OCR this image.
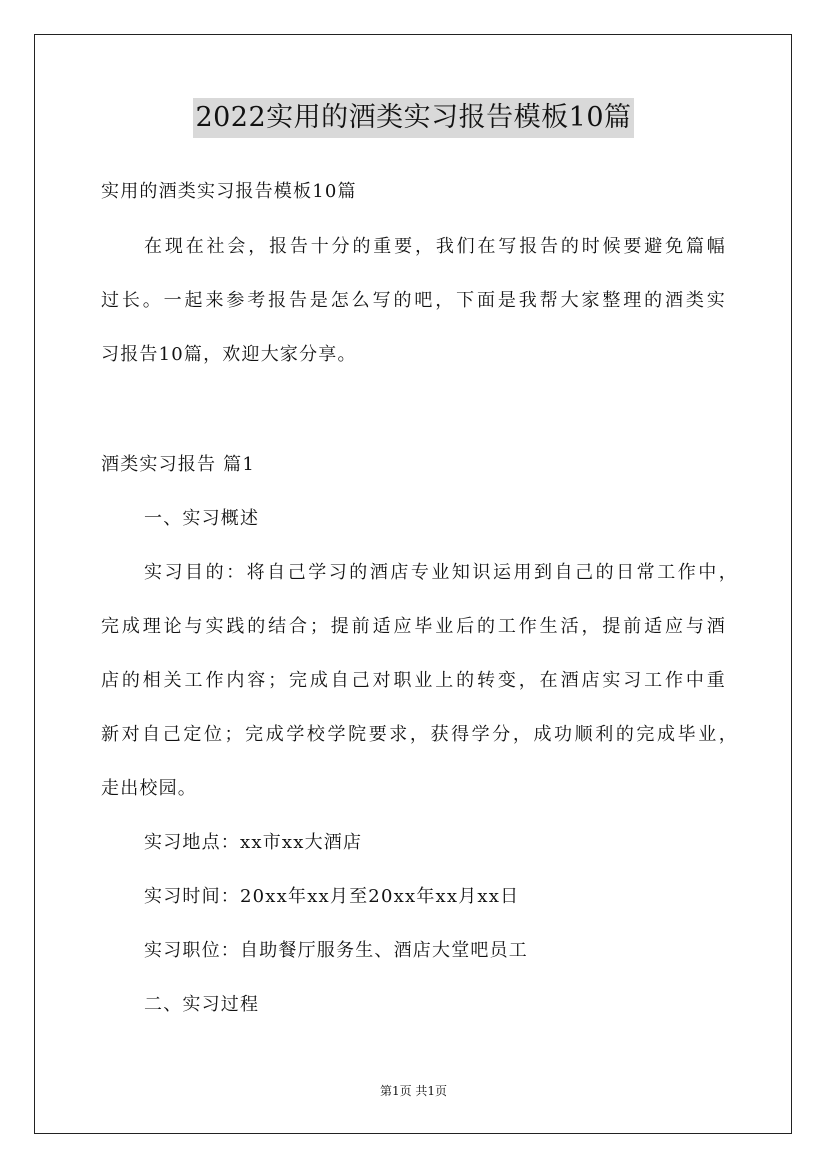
2022实用的酒类实习报告模板10篇
实用的酒类实习报告模板10篇
在现在社会，报告十分的重要，我们在写报告的时候要避免篇幅
过长。一起来参考报告是怎么写的吧，下面是我帮大家整理的酒类实
习报告10篇，欢迎大家分享。
酒类实习报告 篇1
一、实习概述
实习目的：将自己学习的酒店专业知识运用到自己的日常工作中，
完成理论与实践的结合；提前适应毕业后的工作生活，提前适应与酒
店的相关工作内容；完成自己对职业上的转变，在酒店实习工作中重
新对自己定位；完成学校学院要求，获得学分，成功顺利的完成毕业，
走出校园。
实习地点：xx市xx大酒店
实习时间：20xx年xx月至20xx年xx月xx日
实习职位：自助餐厅服务生、酒店大堂吧员工
二、实习过程
第1页 共1页
